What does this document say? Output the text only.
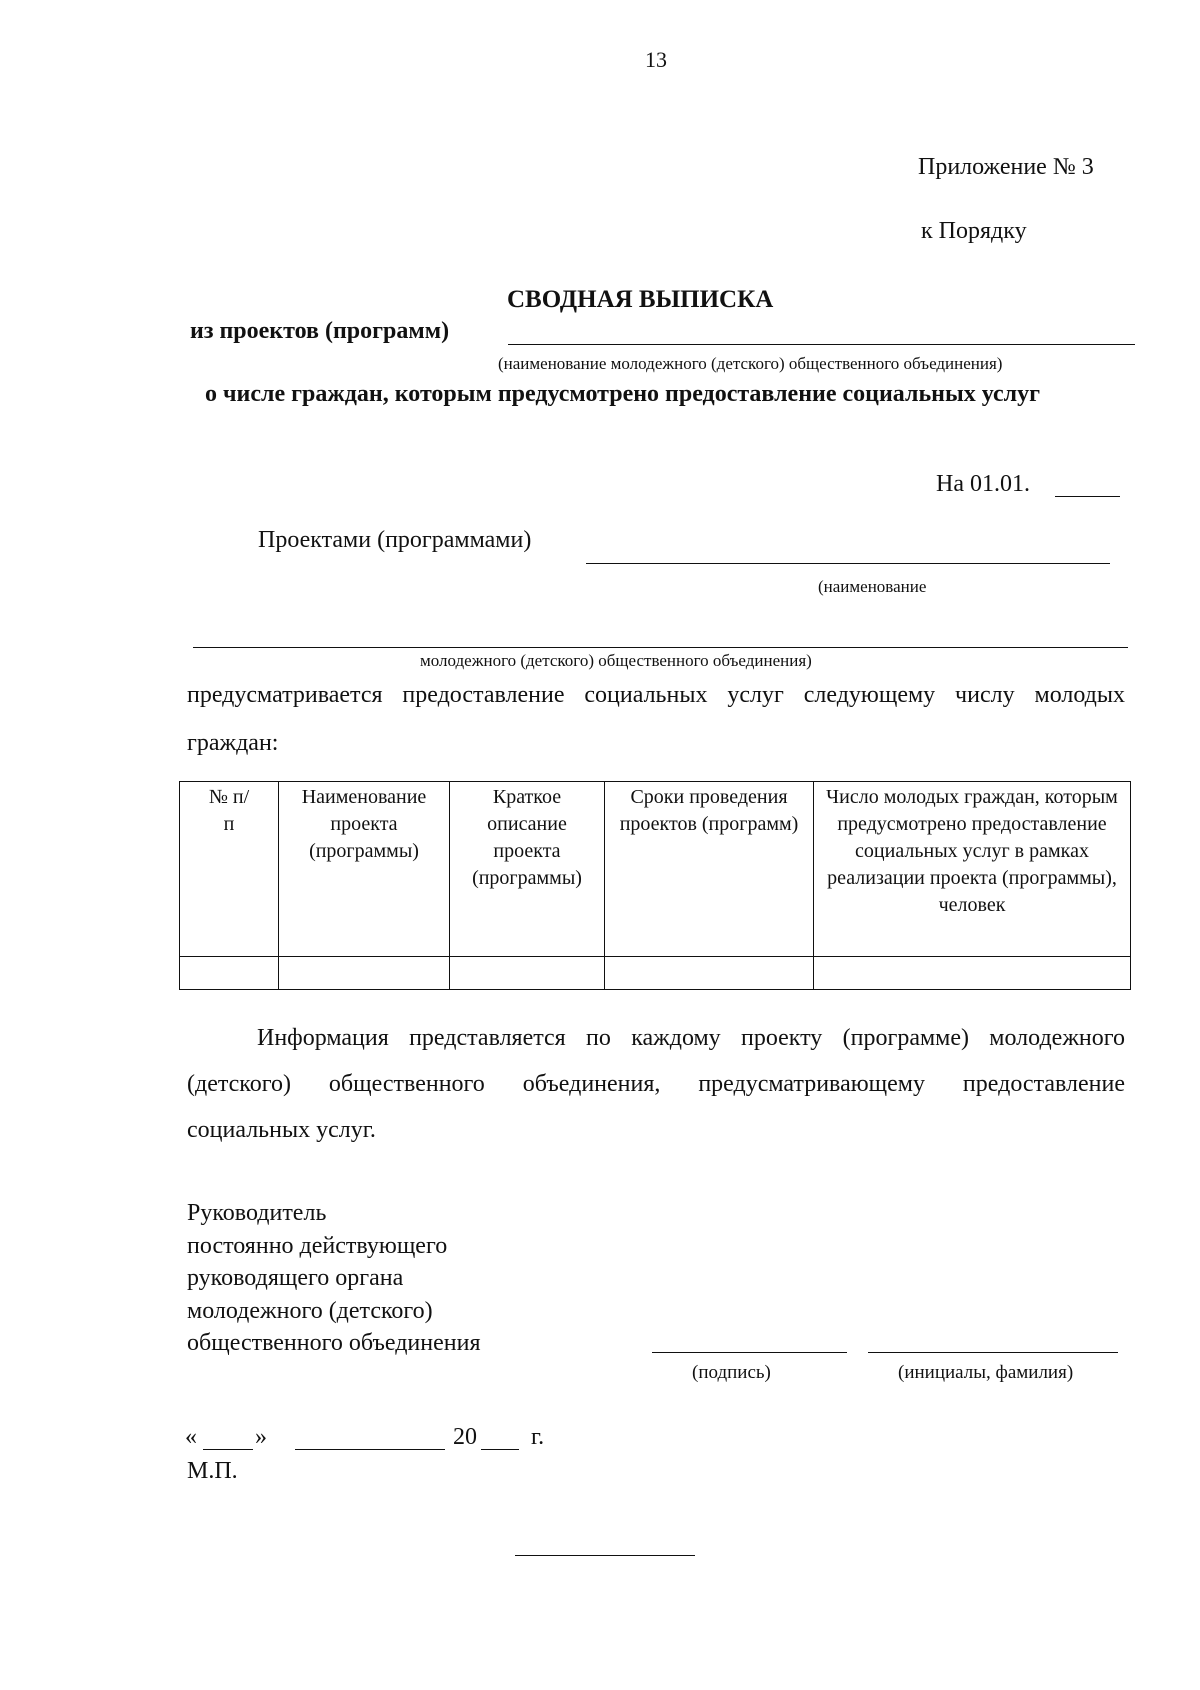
13
Приложение № 3
к Порядку
СВОДНАЯ ВЫПИСКА
из проектов (программ)
(наименование молодежного (детского) общественного объединения)
о числе граждан, которым предусмотрено предоставление социальных услуг
На 01.01.
Проектами (программами)
(наименование
молодежного (детского) общественного объединения)
предусматривается предоставление социальных услуг следующему числу молодых граждан:
№ п/п	Наименование проекта (программы)	Краткое описание проекта (программы)	Сроки проведения проектов (программ)	Число молодых граждан, которым предусмотрено предоставление социальных услуг в рамках реализации проекта (программы), человек

Информация представляется по каждому проекту (программе) молодежного (детского) общественного объединения, предусматривающему предоставление социальных услуг.
Руководитель
постоянно действующего
руководящего органа
молодежного (детского)
общественного объединения
(подпись)	(инициалы, фамилия)
« »	20 г.
М.П.
